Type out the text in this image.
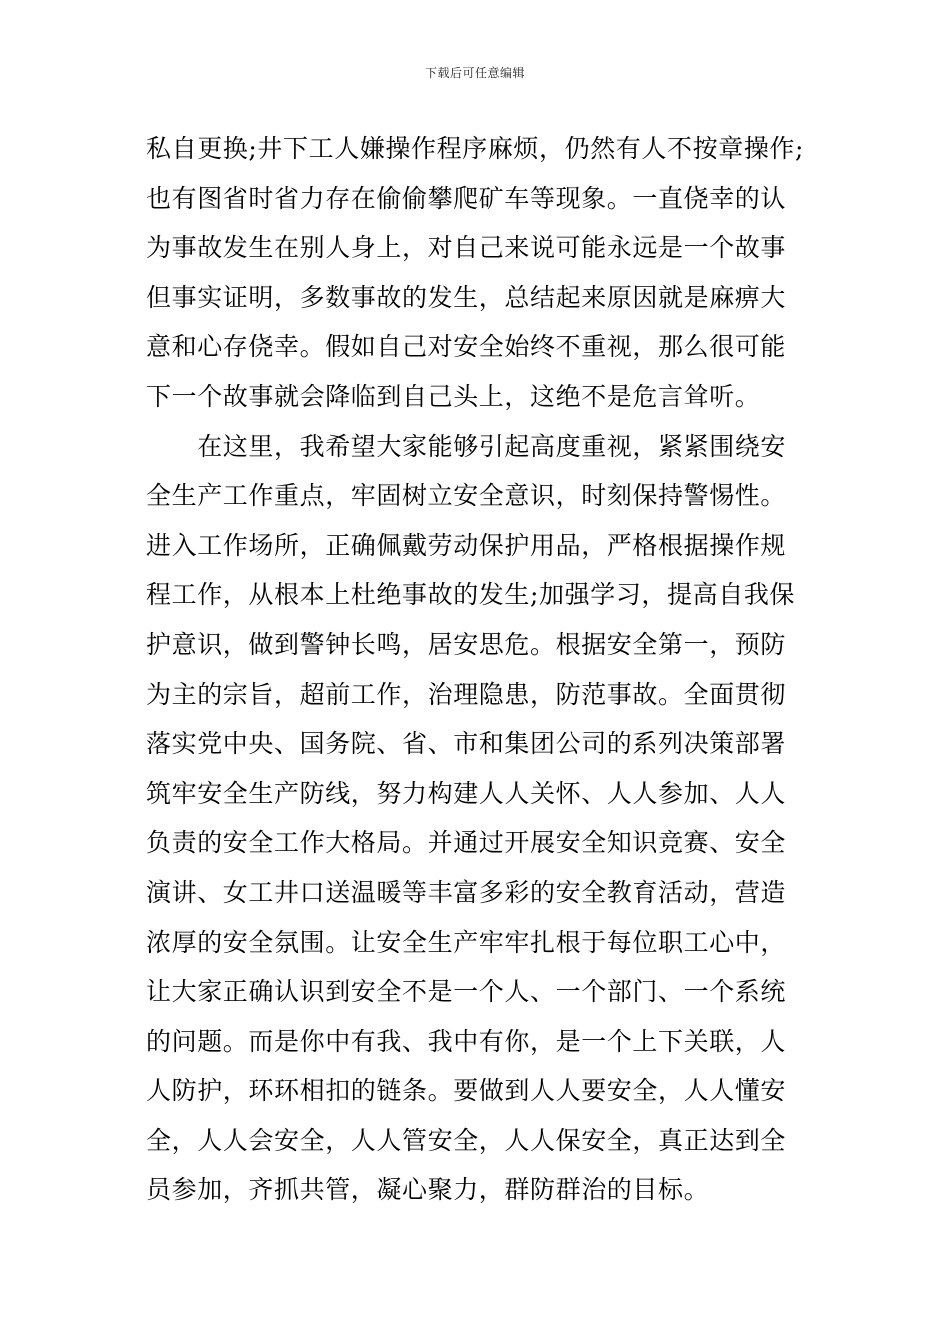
下载后可任意编辑
私自更换;井下工人嫌操作程序麻烦，仍然有人不按章操作;
也有图省时省力存在偷偷攀爬矿车等现象。一直侥幸的认
为事故发生在别人身上，对自己来说可能永远是一个故事
但事实证明，多数事故的发生，总结起来原因就是麻痹大
意和心存侥幸。假如自己对安全始终不重视，那么很可能
下一个故事就会降临到自己头上，这绝不是危言耸听。
　　在这里，我希望大家能够引起高度重视，紧紧围绕安
全生产工作重点，牢固树立安全意识，时刻保持警惕性。
进入工作场所，正确佩戴劳动保护用品，严格根据操作规
程工作，从根本上杜绝事故的发生;加强学习，提高自我保
护意识，做到警钟长鸣，居安思危。根据安全第一，预防
为主的宗旨，超前工作，治理隐患，防范事故。全面贯彻
落实党中央、国务院、省、市和集团公司的系列决策部署
筑牢安全生产防线，努力构建人人关怀、人人参加、人人
负责的安全工作大格局。并通过开展安全知识竞赛、安全
演讲、女工井口送温暖等丰富多彩的安全教育活动，营造
浓厚的安全氛围。让安全生产牢牢扎根于每位职工心中，
让大家正确认识到安全不是一个人、一个部门、一个系统
的问题。而是你中有我、我中有你，是一个上下关联，人
人防护，环环相扣的链条。要做到人人要安全，人人懂安
全，人人会安全，人人管安全，人人保安全，真正达到全
员参加，齐抓共管，凝心聚力，群防群治的目标。
